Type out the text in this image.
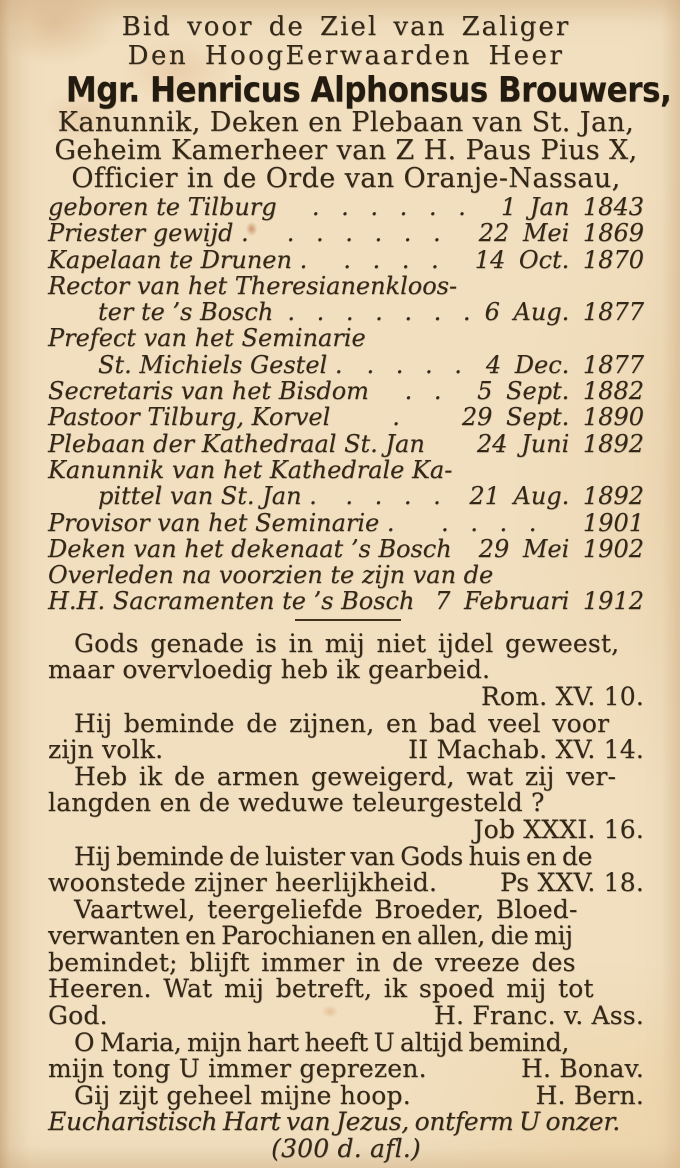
Bid voor de Ziel van Zaliger
Den HoogEerwaarden Heer
Mgr. Henricus Alphonsus Brouwers,
Kanunnik, Deken en Plebaan van St. Jan,
Geheim Kamerheer van Z H. Paus Pius X,
Officier in de Orde van Oranje-Nassau,
geboren te Tilburg	. . . . . .	1 Jan 1843
Priester gewijd .	. . . . . .	22 Mei 1869
Kapelaan te Drunen .	. . . .	14 Oct. 1870
Rector van het Theresianenkloos-
ter te ’s Bosch . . . . . . . 6 Aug. 1877
Prefect van het Seminarie
St. Michiels Gestel .	. . . .	4 Dec. 1877
Secretaris van het Bisdom	. .	5 Sept. 1882
Pastoor Tilburg, Korvel	.	29 Sept. 1890
Plebaan der Kathedraal St. Jan 24 Juni 1892
Kanunnik van het Kathedrale Ka-
pittel van St. Jan .	. . . .	21 Aug. 1892
Provisor van het Seminarie .	. . . .	1901
Deken van het dekenaat ’s Bosch 29 Mei 1902
Overleden na voorzien te zijn van de
H.H. Sacramenten te ’s Bosch 7 Februari 1912
Gods genade is in mij niet ijdel geweest,
maar overvloedig heb ik gearbeid.
Rom. XV. 10.
Hij beminde de zijnen, en bad veel voor
zijn volk.	II Machab. XV. 14.
Heb ik de armen geweigerd, wat zij ver-
langden en de weduwe teleurgesteld ?
Job XXXI. 16.
Hij beminde de luister van Gods huis en de
woonstede zijner heerlijkheid.	Ps XXV. 18.
Vaartwel, teergeliefde Broeder, Bloed-
verwanten en Parochianen en allen, die mij
bemindet; blijft immer in de vreeze des
Heeren. Wat mij betreft, ik spoed mij tot
God.	H. Franc. v. Ass.
O Maria, mijn hart heeft U altijd bemind,
mijn tong U immer geprezen.	H. Bonav.
Gij zijt geheel mijne hoop.	H. Bern.
Eucharistisch Hart van Jezus, ontferm U onzer.
(300 d. afl.)
